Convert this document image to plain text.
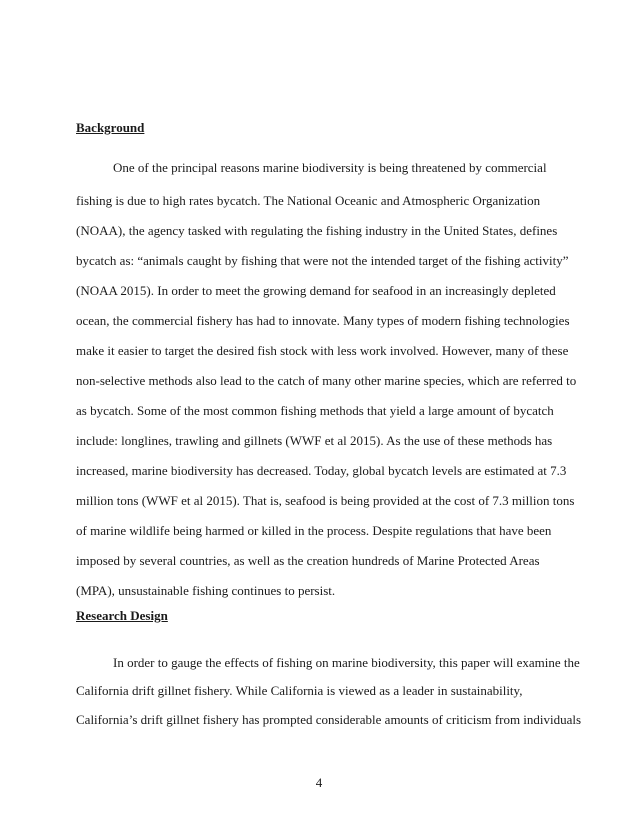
Background
One of the principal reasons marine biodiversity is being threatened by commercial
fishing is due to high rates bycatch. The National Oceanic and Atmospheric Organization
(NOAA), the agency tasked with regulating the fishing industry in the United States, defines
bycatch as: “animals caught by fishing that were not the intended target of the fishing activity”
(NOAA 2015). In order to meet the growing demand for seafood in an increasingly depleted
ocean, the commercial fishery has had to innovate. Many types of modern fishing technologies
make it easier to target the desired fish stock with less work involved. However, many of these
non-selective methods also lead to the catch of many other marine species, which are referred to
as bycatch. Some of the most common fishing methods that yield a large amount of bycatch
include: longlines, trawling and gillnets (WWF et al 2015). As the use of these methods has
increased, marine biodiversity has decreased. Today, global bycatch levels are estimated at 7.3
million tons (WWF et al 2015). That is, seafood is being provided at the cost of 7.3 million tons
of marine wildlife being harmed or killed in the process. Despite regulations that have been
imposed by several countries, as well as the creation hundreds of Marine Protected Areas
(MPA), unsustainable fishing continues to persist.
Research Design
In order to gauge the effects of fishing on marine biodiversity, this paper will examine the
California drift gillnet fishery. While California is viewed as a leader in sustainability,
California’s drift gillnet fishery has prompted considerable amounts of criticism from individuals
4
